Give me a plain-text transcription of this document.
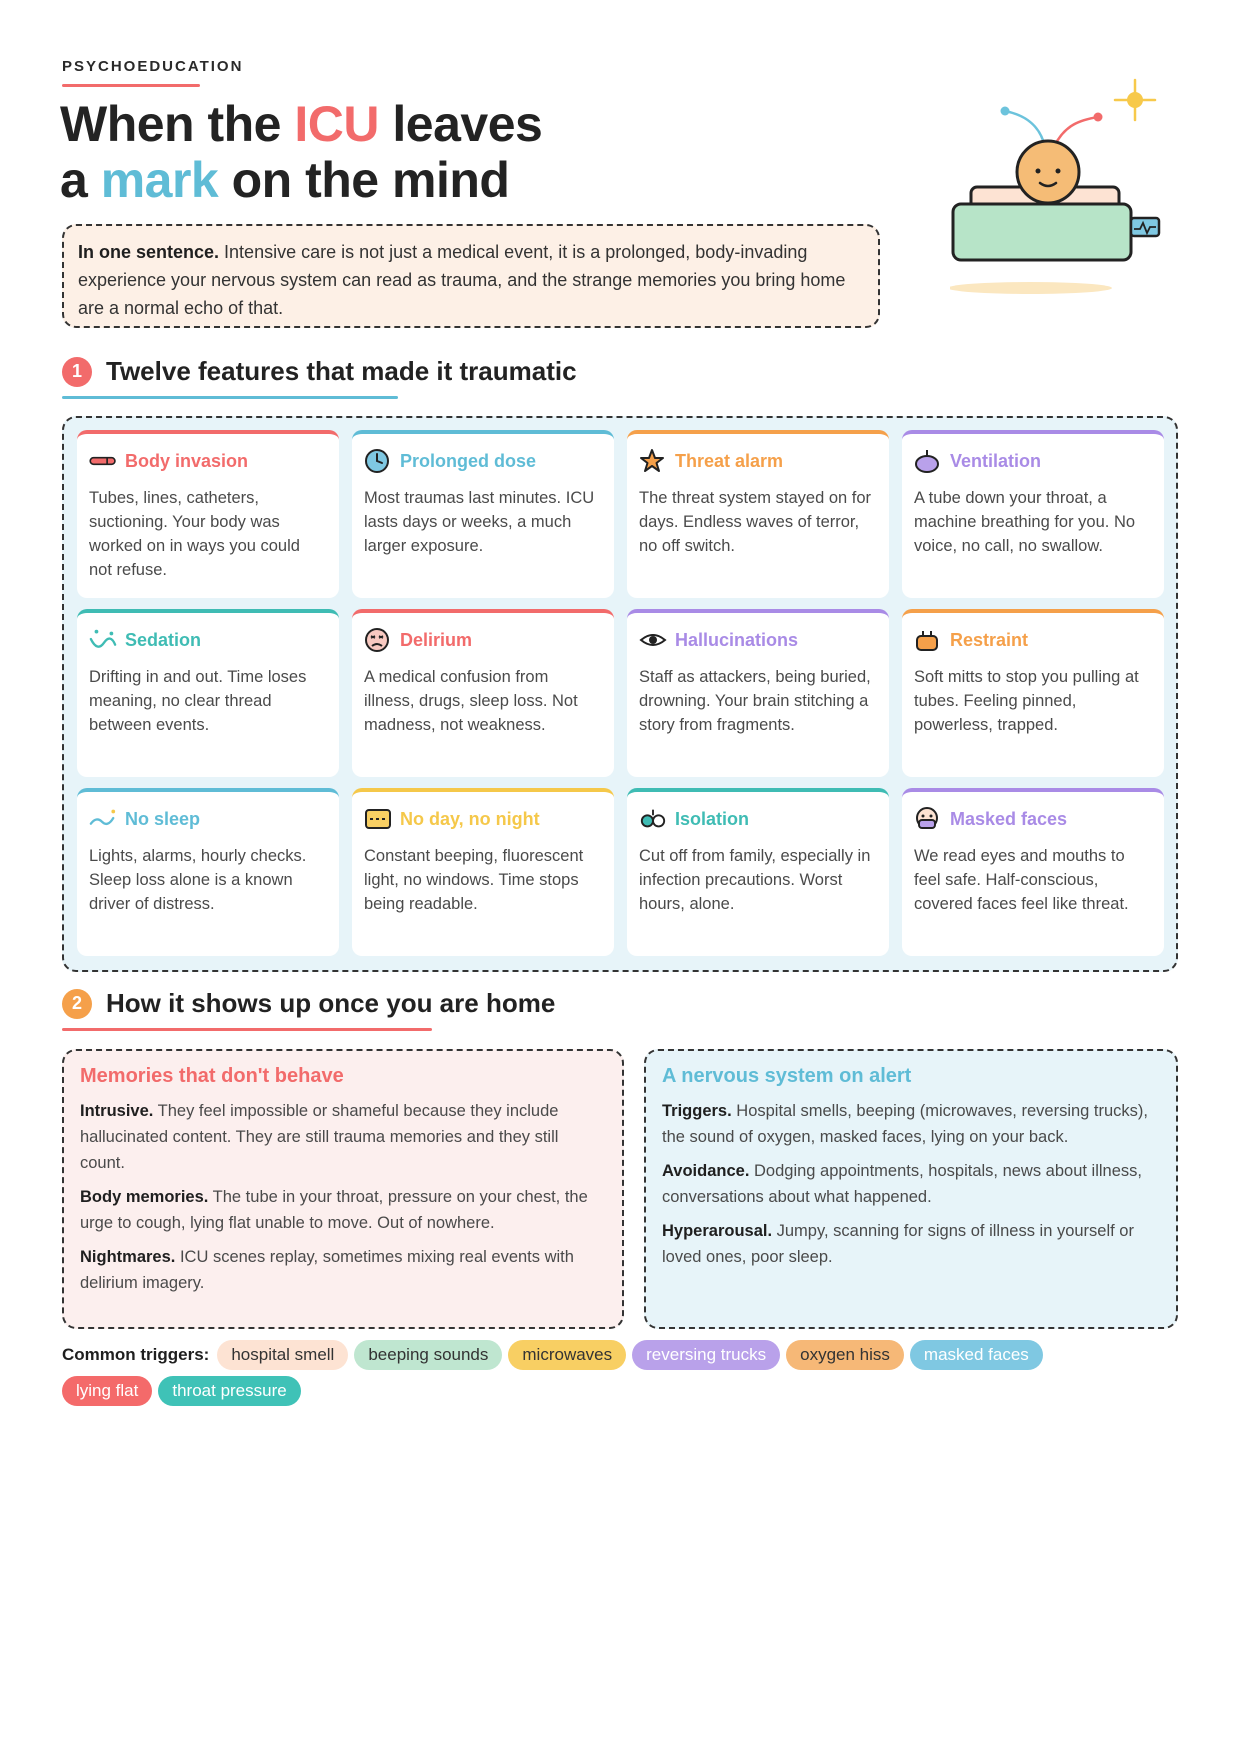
PSYCHOEDUCATION
When the ICU leaves
a mark on the mind
In one sentence. Intensive care is not just a medical event, it is a prolonged, body-invading experience your nervous system can read as trauma, and the strange memories you bring home are a normal echo of that.
1 Twelve features that made it traumatic
Body invasion
Tubes, lines, catheters, suctioning. Your body was worked on in ways you could not refuse.
Prolonged dose
Most traumas last minutes. ICU lasts days or weeks, a much larger exposure.
Threat alarm
The threat system stayed on for days. Endless waves of terror, no off switch.
Ventilation
A tube down your throat, a machine breathing for you. No voice, no call, no swallow.
Sedation
Drifting in and out. Time loses meaning, no clear thread between events.
Delirium
A medical confusion from illness, drugs, sleep loss. Not madness, not weakness.
Hallucinations
Staff as attackers, being buried, drowning. Your brain stitching a story from fragments.
Restraint
Soft mitts to stop you pulling at tubes. Feeling pinned, powerless, trapped.
No sleep
Lights, alarms, hourly checks. Sleep loss alone is a known driver of distress.
No day, no night
Constant beeping, fluorescent light, no windows. Time stops being readable.
Isolation
Cut off from family, especially in infection precautions. Worst hours, alone.
Masked faces
We read eyes and mouths to feel safe. Half-conscious, covered faces feel like threat.
2 How it shows up once you are home
Memories that don't behave

Intrusive. They feel impossible or shameful because they include hallucinated content. They are still trauma memories and they still count.

Body memories. The tube in your throat, pressure on your chest, the urge to cough, lying flat unable to move. Out of nowhere.

Nightmares. ICU scenes replay, sometimes mixing real events with delirium imagery.

A nervous system on alert

Triggers. Hospital smells, beeping (microwaves, reversing trucks), the sound of oxygen, masked faces, lying on your back.

Avoidance. Dodging appointments, hospitals, news about illness, conversations about what happened.

Hyperarousal. Jumpy, scanning for signs of illness in yourself or loved ones, poor sleep.

Common triggers: hospital smell beeping sounds microwaves reversing trucks oxygen hiss masked faces
lying flat throat pressure
